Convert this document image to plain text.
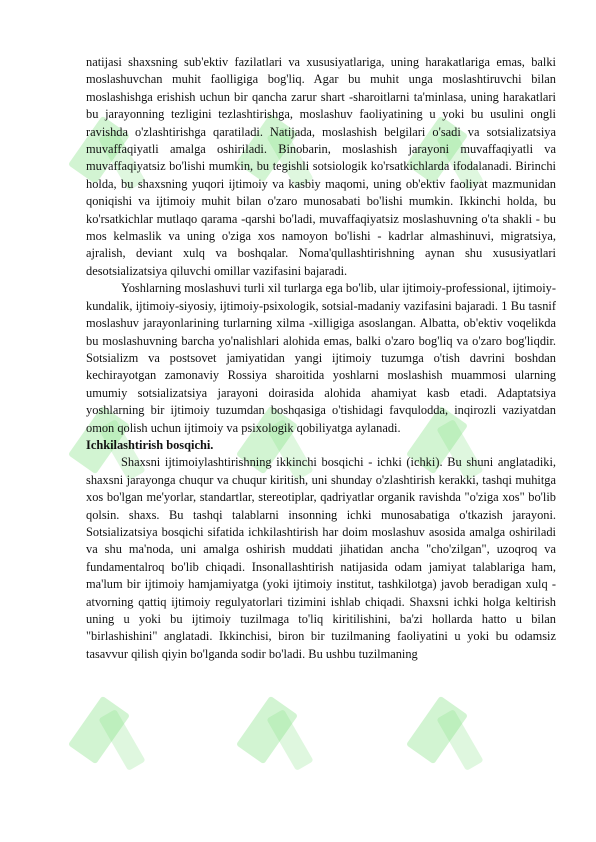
natijasi shaxsning sub'ektiv fazilatlari va xususiyatlariga, uning harakatlariga emas, balki moslashuvchan muhit faolligiga bog'liq. Agar bu muhit unga moslashtiruvchi bilan moslashishga erishish uchun bir qancha zarur shart -sharoitlarni ta'minlasa, uning harakatlari bu jarayonning tezligini tezlashtirishga, moslashuv faoliyatining u yoki bu usulini ongli ravishda o'zlashtirishga qaratiladi. Natijada, moslashish belgilari o'sadi va sotsializatsiya muvaffaqiyatli amalga oshiriladi. Binobarin, moslashish jarayoni muvaffaqiyatli va muvaffaqiyatsiz bo'lishi mumkin, bu tegishli sotsiologik ko'rsatkichlarda ifodalanadi. Birinchi holda, bu shaxsning yuqori ijtimoiy va kasbiy maqomi, uning ob'ektiv faoliyat mazmunidan qoniqishi va ijtimoiy muhit bilan o'zaro munosabati bo'lishi mumkin. Ikkinchi holda, bu ko'rsatkichlar mutlaqo qarama -qarshi bo'ladi, muvaffaqiyatsiz moslashuvning o'ta shakli - bu mos kelmaslik va uning o'ziga xos namoyon bo'lishi - kadrlar almashinuvi, migratsiya, ajralish, deviant xulq va boshqalar. Noma'qullashtirishning aynan shu xususiyatlari desotsializatsiya qiluvchi omillar vazifasini bajaradi.

Yoshlarning moslashuvi turli xil turlarga ega bo'lib, ular ijtimoiy-professional, ijtimoiy-kundalik, ijtimoiy-siyosiy, ijtimoiy-psixologik, sotsial-madaniy vazifasini bajaradi. 1 Bu tasnif moslashuv jarayonlarining turlarning xilma -xilligiga asoslangan. Albatta, ob'ektiv voqelikda bu moslashuvning barcha yo'nalishlari alohida emas, balki o'zaro bog'liq va o'zaro bog'liqdir. Sotsializm va postsovet jamiyatidan yangi ijtimoiy tuzumga o'tish davrini boshdan kechirayotgan zamonaviy Rossiya sharoitida yoshlarni moslashish muammosi ularning umumiy sotsializatsiya jarayoni doirasida alohida ahamiyat kasb etadi. Adaptatsiya yoshlarning bir ijtimoiy tuzumdan boshqasiga o'tishidagi favqulodda, inqirozli vaziyatdan omon qolish uchun ijtimoiy va psixologik qobiliyatga aylanadi.

Ichkilashtirish bosqichi.

Shaxsni ijtimoiylashtirishning ikkinchi bosqichi - ichki (ichki). Bu shuni anglatadiki, shaxsni jarayonga chuqur va chuqur kiritish, uni shunday o'zlashtirish kerakki, tashqi muhitga xos bo'lgan me'yorlar, standartlar, stereotiplar, qadriyatlar organik ravishda "o'ziga xos" bo'lib qolsin. shaxs. Bu tashqi talablarni insonning ichki munosabatiga o'tkazish jarayoni. Sotsializatsiya bosqichi sifatida ichkilashtirish har doim moslashuv asosida amalga oshiriladi va shu ma'noda, uni amalga oshirish muddati jihatidan ancha "cho'zilgan", uzoqroq va fundamentalroq bo'lib chiqadi. Insonallashtirish natijasida odam jamiyat talablariga ham, ma'lum bir ijtimoiy hamjamiyatga (yoki ijtimoiy institut, tashkilotga) javob beradigan xulq -atvorning qattiq ijtimoiy regulyatorlari tizimini ishlab chiqadi. Shaxsni ichki holga keltirish uning u yoki bu ijtimoiy tuzilmaga to'liq kiritilishini, ba'zi hollarda hatto u bilan "birlashishini" anglatadi. Ikkinchisi, biron bir tuzilmaning faoliyatini u yoki bu odamsiz tasavvur qilish qiyin bo'lganda sodir bo'ladi. Bu ushbu tuzilmaning
